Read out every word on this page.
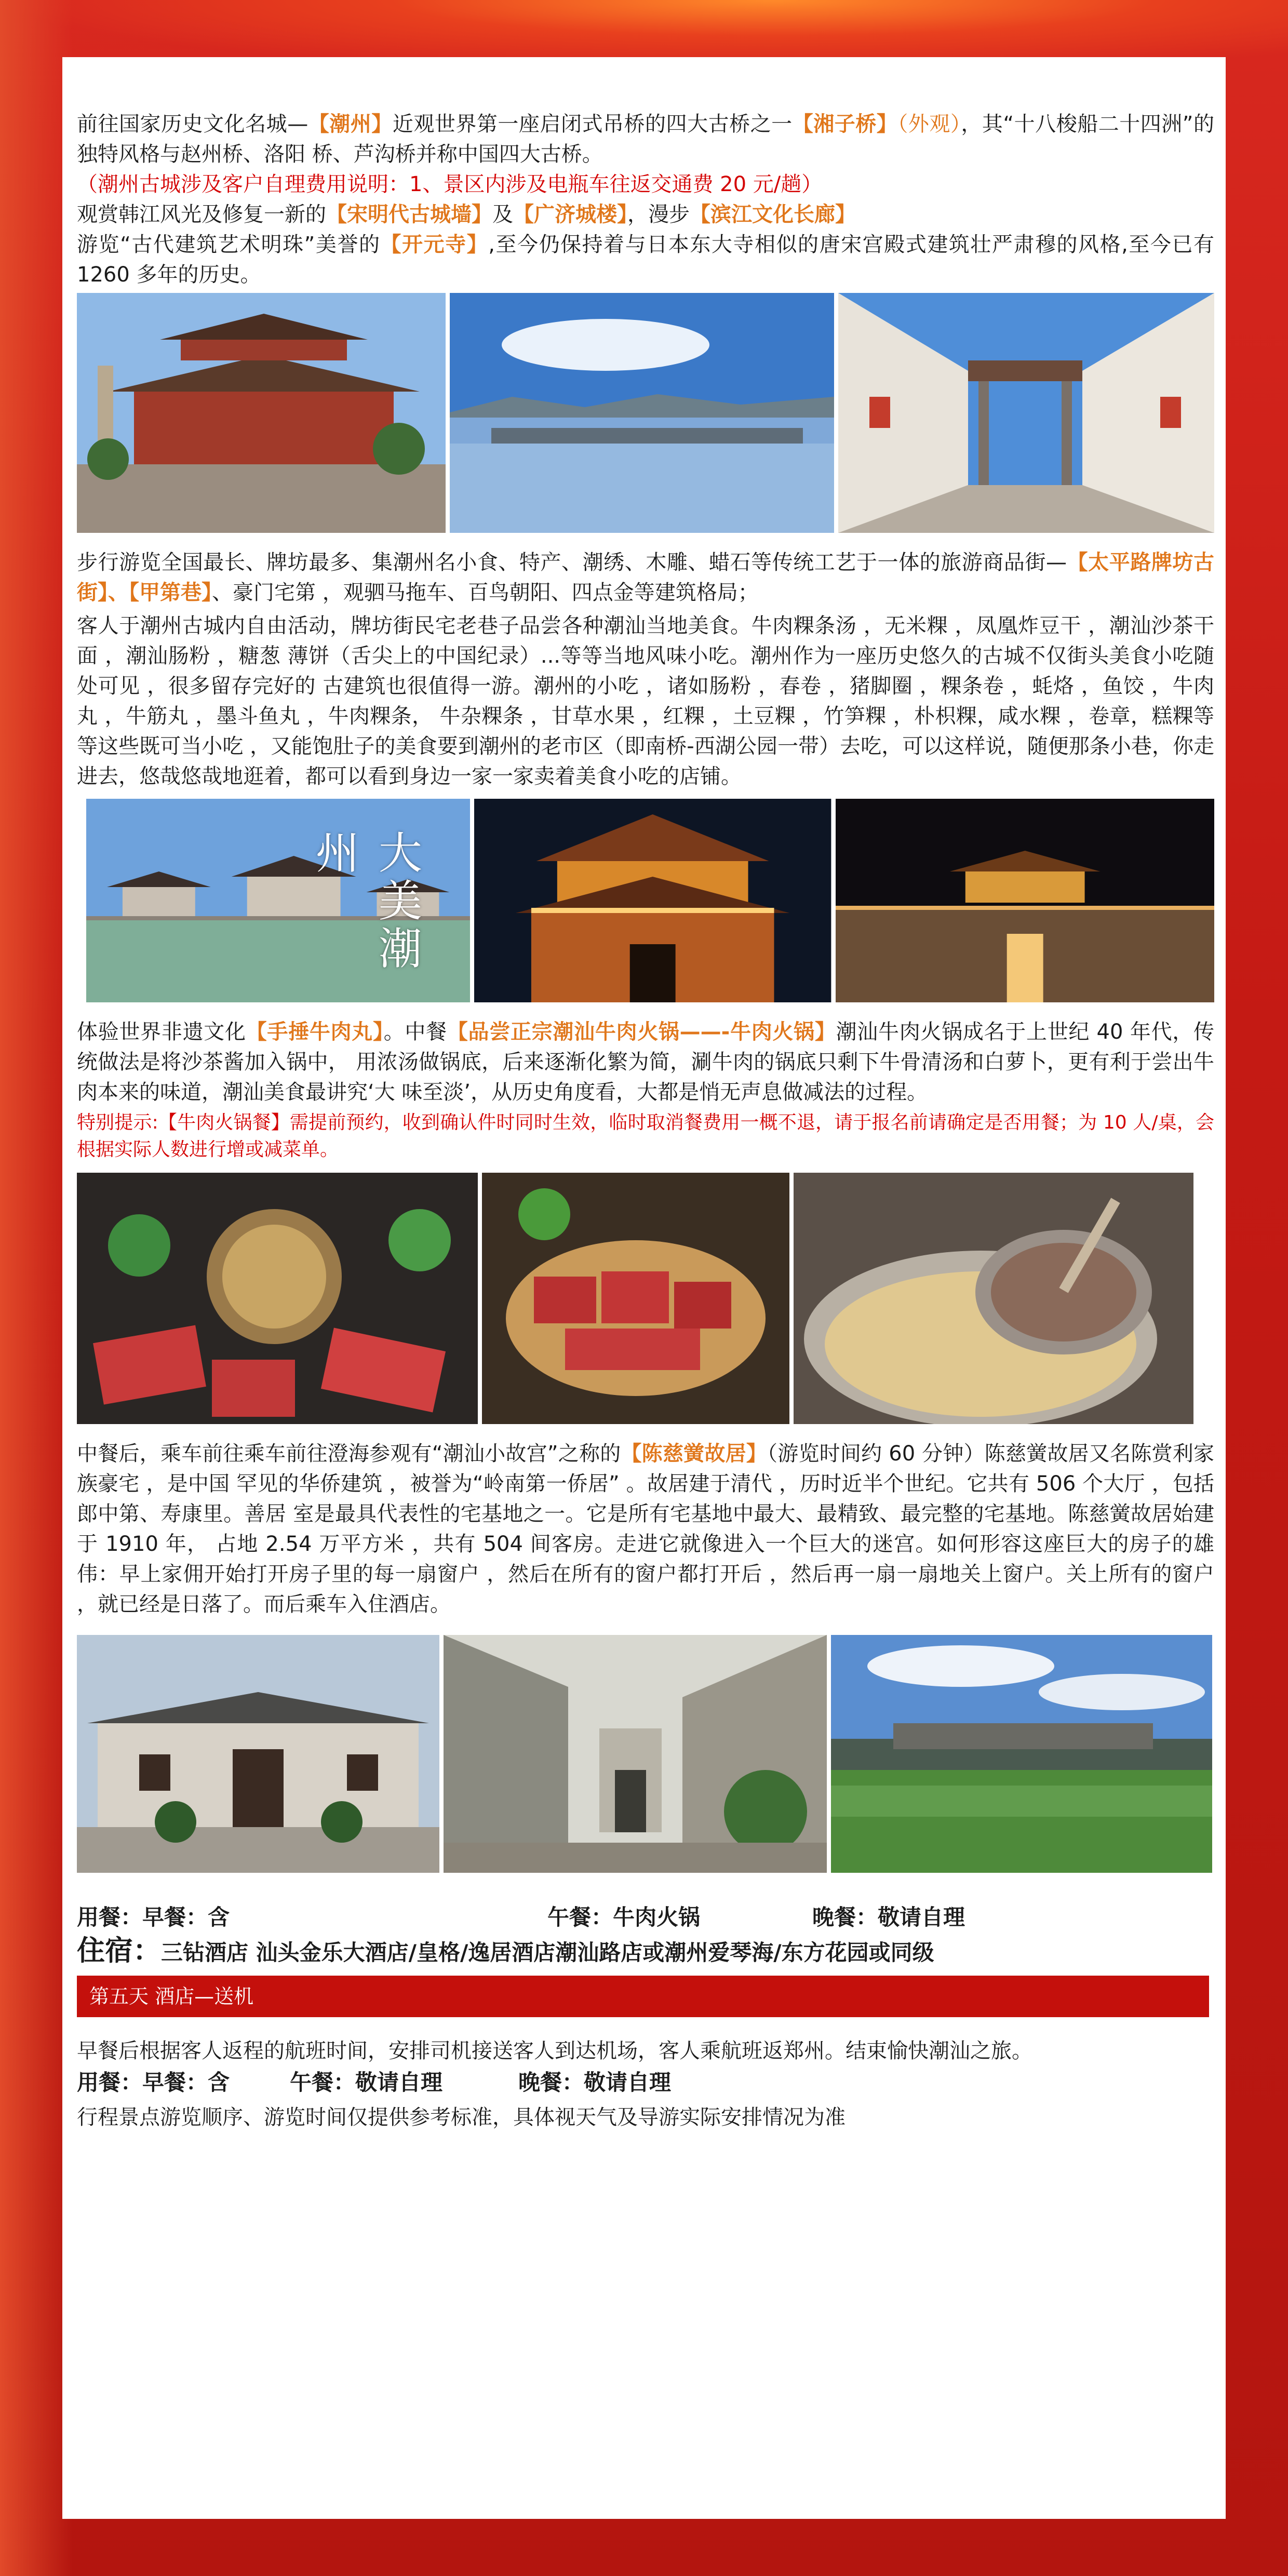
前往国家历史文化名城—【潮州】近观世界第一座启闭式吊桥的四大古桥之一【湘子桥】（外观），其“十八梭船二十四洲”的独特风格与赵州桥、洛阳 桥、芦沟桥并称中国四大古桥。

（潮州古城涉及客户自理费用说明：1、景区内涉及电瓶车往返交通费 20 元/趟）

观赏韩江风光及修复一新的【宋明代古城墙】及【广济城楼】，漫步【滨江文化长廊】

游览“古代建筑艺术明珠”美誉的【开元寺】,至今仍保持着与日本东大寺相似的唐宋宫殿式建筑壮严肃穆的风格,至今已有 1260 多年的历史。

步行游览全国最长、牌坊最多、集潮州名小食、特产、潮绣、木雕、蜡石等传统工艺于一体的旅游商品街—【太平路牌坊古街】、【甲第巷】、豪门宅第 ，观驷马拖车、百鸟朝阳、四点金等建筑格局；

客人于潮州古城内自由活动，牌坊街民宅老巷子品尝各种潮汕当地美食。牛肉粿条汤 ，无米粿 ，凤凰炸豆干 ，潮汕沙茶干面 ，潮汕肠粉 ，糖葱 薄饼（舌尖上的中国纪录）...等等当地风味小吃。潮州作为一座历史悠久的古城不仅街头美食小吃随处可见 ，很多留存完好的 古建筑也很值得一游。潮州的小吃 ，诸如肠粉 ，春卷 ，猪脚圈 ，粿条卷 ，蚝烙 ，鱼饺 ，牛肉丸 ，牛筋丸 ，墨斗鱼丸 ，牛肉粿条， 牛杂粿条 ，甘草水果 ，红粿 ，土豆粿 ，竹笋粿 ，朴枳粿，咸水粿 ，卷章，糕粿等等这些既可当小吃 ，又能饱肚子的美食要到潮州的老市区（即南桥-西湖公园一带）去吃，可以这样说，随便那条小巷，你走进去，悠哉悠哉地逛着，都可以看到身边一家一家卖着美食小吃的店铺。

大美潮州

体验世界非遗文化【手捶牛肉丸】。中餐【品尝正宗潮汕牛肉火锅——-牛肉火锅】潮汕牛肉火锅成名于上世纪 40 年代，传统做法是将沙茶酱加入锅中， 用浓汤做锅底，后来逐渐化繁为简，涮牛肉的锅底只剩下牛骨清汤和白萝卜，更有利于尝出牛肉本来的味道，潮汕美食最讲究‘大 味至淡’，从历史角度看，大都是悄无声息做减法的过程。

特别提示:【牛肉火锅餐】需提前预约，收到确认件时同时生效，临时取消餐费用一概不退，请于报名前请确定是否用餐；为 10 人/桌，会根据实际人数进行增或减菜单。

中餐后，乘车前往乘车前往澄海参观有“潮汕小故宫”之称的【陈慈黉故居】（游览时间约 60 分钟）陈慈黉故居又名陈赏利家族豪宅 ，是中国 罕见的华侨建筑 ，被誉为“岭南第一侨居” 。故居建于清代 ，历时近半个世纪。它共有 506 个大厅 ，包括郎中第、寿康里。善居 室是最具代表性的宅基地之一。它是所有宅基地中最大、最精致、最完整的宅基地。陈慈黉故居始建于 1910 年， 占地 2.54 万平方米 ，共有 504 间客房。走进它就像进入一个巨大的迷宫。如何形容这座巨大的房子的雄伟：早上家佣开始打开房子里的每一扇窗户 ，然后在所有的窗户都打开后 ，然后再一扇一扇地关上窗户。关上所有的窗户 ，就已经是日落了。而后乘车入住酒店。

用餐：早餐：含	午餐：牛肉火锅	晚餐：敬请自理
住宿：三钻酒店 汕头金乐大酒店/皇格/逸居酒店潮汕路店或潮州爱琴海/东方花园或同级
第五天 酒店—送机

早餐后根据客人返程的航班时间，安排司机接送客人到达机场，客人乘航班返郑州。结束愉快潮汕之旅。

用餐：早餐：含	午餐：敬请自理	晚餐：敬请自理

行程景点游览顺序、游览时间仅提供参考标准，具体视天气及导游实际安排情况为准
